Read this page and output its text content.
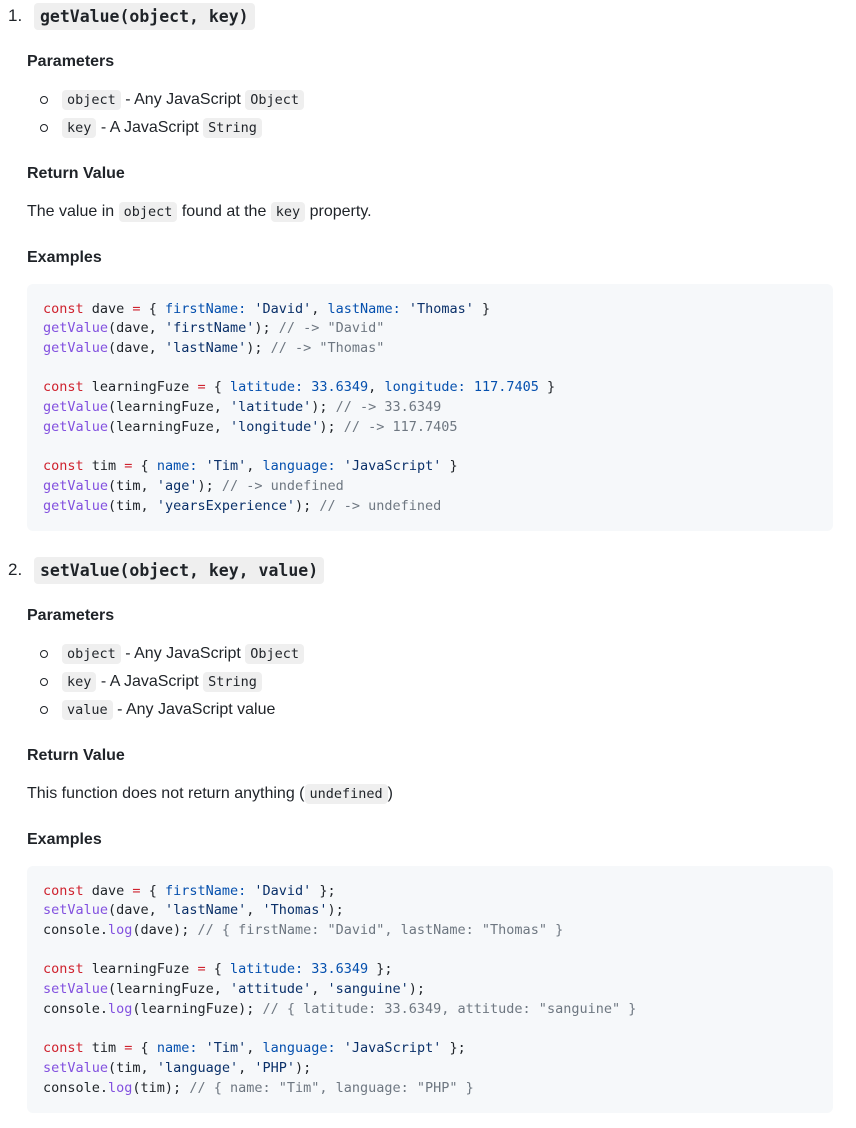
1.	getValue(object, key)
Parameters
object - Any JavaScript Object
key - A JavaScript String
Return Value
The value in object found at the key property.
Examples
const dave = { firstName: 'David', lastName: 'Thomas' }
getValue(dave, 'firstName'); // -> "David"
getValue(dave, 'lastName'); // -> "Thomas"
const learningFuze = { latitude: 33.6349, longitude: 117.7405 }
getValue(learningFuze, 'latitude'); // -> 33.6349
getValue(learningFuze, 'longitude'); // -> 117.7405
const tim = { name: 'Tim', language: 'JavaScript' }
getValue(tim, 'age'); // -> undefined
getValue(tim, 'yearsExperience'); // -> undefined
2.	setValue(object, key, value)
Parameters
object - Any JavaScript Object
key - A JavaScript String
value - Any JavaScript value
Return Value
This function does not return anything ( undefined )
Examples
const dave = { firstName: 'David' };
setValue(dave, 'lastName', 'Thomas');
console.log(dave); // { firstName: "David", lastName: "Thomas" }
const learningFuze = { latitude: 33.6349 };
setValue(learningFuze, 'attitude', 'sanguine');
console.log(learningFuze); // { latitude: 33.6349, attitude: "sanguine" }
const tim = { name: 'Tim', language: 'JavaScript' };
setValue(tim, 'language', 'PHP');
console.log(tim); // { name: "Tim", language: "PHP" }
